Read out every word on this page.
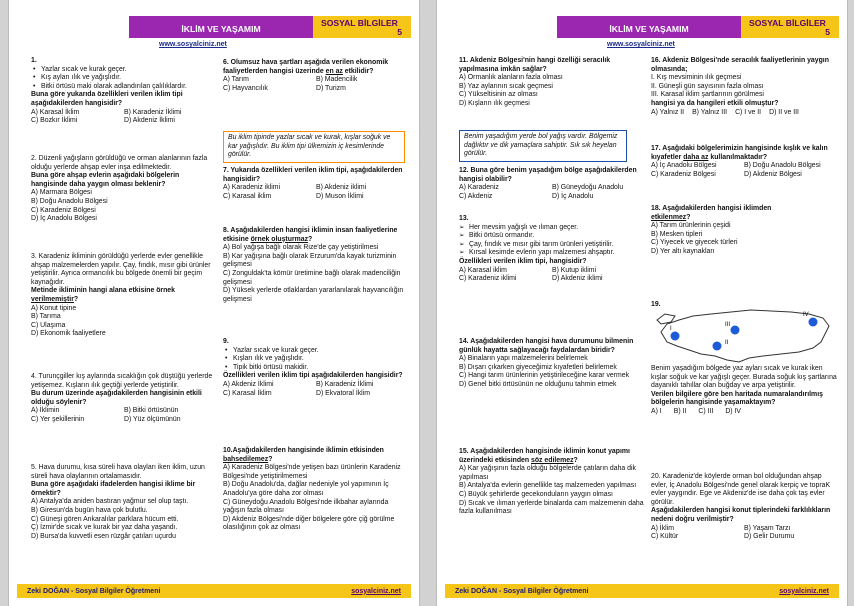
İKLİM VE YAŞAMIM
SOSYAL BİLGİLER
5
www.sosyalciniz.net
1.
• Yazlar sıcak ve kurak geçer.
• Kış ayları ılık ve yağışlıdır.
• Bitki örtüsü maki olarak adlandırılan çalılıklardır.
Buna göre yukarıda özellikleri verilen iklim tipi aşağıdakilerden hangisidir?
A) Karasal İklim	B) Karadeniz İklimi
C) Bozkır İklimi	D) Akdeniz İklimi
2. Düzenli yağışların görüldüğü ve orman alanlarının fazla olduğu yerlerde ahşap evler inşa edilmektedir.
Buna göre ahşap evlerin aşağıdaki bölgelerin hangisinde daha yaygın olması beklenir?
A) Marmara Bölgesi
B) Doğu Anadolu Bölgesi
C) Karadeniz Bölgesi
D) İç Anadolu Bölgesi
3. Karadeniz ikliminin görüldüğü yerlerde evler genellikle ahşap malzemelerden yapılır. Çay, fındık, mısır gibi ürünler yetiştirilir. Ayrıca ormancılık bu bölgede önemli bir geçim kaynağıdır.
Metinde ikliminin hangi alana etkisine örnek
verilmemiştir?
A) Konut tipine
B) Tarıma
C) Ulaşıma
D) Ekonomik faaliyetlere
4. Turunçgiller kış aylarında sıcaklığın çok düştüğü yerlerde yetişemez. Kışların ılık geçtiği yerlerde yetiştirilir.
Bu durum üzerinde aşağıdakilerden hangisinin etkili olduğu söylenir?
A) İklimin	B) Bitki örtüsünün
C) Yer şekillerinin	D) Yüz ölçümünün
5. Hava durumu, kısa süreli hava olayları iken iklim, uzun süreli hava olaylarının ortalamasıdır.
Buna göre aşağıdaki ifadelerden hangisi iklime bir örnektir?
A) Antalya'da aniden bastıran yağmur sel olup taştı.
B) Giresun'da bugün hava çok bulutlu.
C) Güneşi gören Ankaralılar parklara hücum etti.
Ç) İzmir'de sıcak ve kurak bir yaz daha yaşandı.
D) Bursa'da kuvvetli esen rüzgâr çatıları uçurdu
6. Olumsuz hava şartları aşağıda verilen ekonomik faaliyetlerden hangisi üzerinde en az etkilidir?
A) Tarım	B) Madencilik
C) Hayvancılık	D) Turizm
Bu iklim tipinde yazlar sıcak ve kurak, kışlar soğuk ve kar yağışlıdır. Bu iklim tipi ülkemizin iç kesimlerinde görülür.
7. Yukarıda özellikleri verilen iklim tipi, aşağıdakilerden hangisidir?
A) Karadeniz iklimi	B) Akdeniz iklimi
C) Karasal iklim	D) Muson İklimi
8. Aşağıdakilerden hangisi iklimin insan faaliyetlerine etkisine örnek oluşturmaz?
A) Bol yağışa bağlı olarak Rize'de çay yetiştirilmesi
B) Kar yağışına bağlı olarak Erzurum'da kayak turizminin gelişmesi
C) Zonguldak'ta kömür üretimine bağlı olarak madenciliğin gelişmesi
D) Yüksek yerlerde otlaklardan yararlanılarak hayvancılığın gelişmesi
9.
• Yazlar sıcak ve kurak geçer.
• Kışları ılık ve yağışlıdır.
• Tipik bitki örtüsü makidir.
Özellikleri verilen iklim tipi aşağıdakilerden hangisidir?
A) Akdeniz İklimi	B) Karadeniz İklimi
C) Karasal İklim	D) Ekvatoral İklim
10.Aşağıdakilerden hangisinde iklimin etkisinden bahsedilemez?
A) Karadeniz Bölgesi'nde yetişen bazı ürünlerin Karadeniz Bölgesi'nde yetiştirilmemesi
B) Doğu Anadolu'da, dağlar nedeniyle yol yapımının İç Anadolu'ya göre daha zor olması
C) Güneydoğu Anadolu Bölgesi'nde ilkbahar aylarında yağışın fazla olması
D) Akdeniz Bölgesi'nde diğer bölgelere göre çiğ görülme olasılığının çok az olması
Zeki DOĞAN - Sosyal Bilgiler Öğretmeni	sosyalciniz.net
İKLİM VE YAŞAMIM
SOSYAL BİLGİLER
5
www.sosyalciniz.net
11. Akdeniz Bölgesi'nin hangi özelliği seracılık yapılmasına imkân sağlar?
A) Ormanlık alanların fazla olması
B) Yaz aylarının sıcak geçmesi
C) Yükseltisinin az olması
D) Kışların ılık geçmesi
Benim yaşadığım yerde bol yağış vardır. Bölgemiz dağlıktır ve dik yamaçlara sahiptir. Sık sık heyelan görülür.
12. Buna göre benim yaşadığım bölge aşağıdakilerden hangisi olabilir?
A) Karadeniz	B) Güneydoğu Anadolu
C) Akdeniz	D) İç Anadolu
13.
➢ Her mevsim yağışlı ve ılıman geçer.
➢ Bitki örtüsü ormandır.
➢ Çay, fındık ve mısır gibi tarım ürünleri yetiştirilir.
➢ Kırsal kesimde evlerin yapı malzemesi ahşaptır.
Özellikleri verilen iklim tipi, hangisidir?
A) Karasal iklim	B) Kutup iklimi
C) Karadeniz iklimi	D) Akdeniz iklimi
14. Aşağıdakilerden hangisi hava durumunu bilmenin günlük hayatta sağlayacağı faydalardan biridir?
A) Binaların yapı malzemelerini belirlemek
B) Dışarı çıkarken giyeceğimiz kıyafetleri belirlemek
C) Hangi tarım ürünlerinin yetiştirileceğine karar vermek
D) Genel bitki örtüsünün ne olduğunu tahmin etmek
15. Aşağıdakilerden hangisinde iklimin konut yapımı üzerindeki etkisinden söz edilemez?
A) Kar yağışının fazla olduğu bölgelerde çatıların daha dik yapılması
B) Antalya'da evlerin genellikle taş malzemeden yapılması
C) Büyük şehirlerde gecekonduların yaygın olması
D) Sıcak ve ılıman yerlerde binalarda cam malzemenin daha fazla kullanılması
16. Akdeniz Bölgesi'nde seracılık faaliyetlerinin yaygın olmasında;
I. Kış mevsiminin ılık geçmesi
II. Güneşli gün sayısının fazla olması
III. Karasal iklim şartlarının görülmesi
hangisi ya da hangileri etkili olmuştur?
A) Yalnız II B) Yalnız III C) I ve II D) II ve III
17. Aşağıdaki bölgelerimizin hangisinde kışlık ve kalın kıyafetler daha az kullanılmaktadır?
A) İç Anadolu Bölgesi	B) Doğu Anadolu Bölgesi
C) Karadeniz Bölgesi	D) Akdeniz Bölgesi
18. Aşağıdakilerden hangisi iklimden
etkilenmez?
A) Tarım ürünlerinin çeşidi
B) Mesken tipleri
C) Yiyecek ve giyecek türleri
D) Yer altı kaynakları
19.
Benim yaşadığım bölgede yaz ayları sıcak ve kurak iken kışlar soğuk ve kar yağışlı geçer. Burada soğuk kış şartlarına dayanıklı tahıllar olan buğday ve arpa yetiştirilir.
Verilen bilgilere göre ben haritada numaralandırılmış bölgelerin hangisinde yaşamaktayım?
A) I B) II C) III D) IV
20. Karadeniz'de köylerde orman bol olduğundan ahşap evler, İç Anadolu Bölgesi'nde genel olarak kerpiç ve topraK evler yaygındır. Ege ve Akdeniz'de ise daha çok taş evler görülür.
Aşağıdakilerden hangisi konut tiplerindeki farklılıkların nedeni doğru verilmiştir?
A) İklim	B) Yaşam Tarzı
C) Kültür	D) Gelir Durumu
I
II
III
IV
Zeki DOĞAN - Sosyal Bilgiler Öğretmeni	sosyalciniz.net
